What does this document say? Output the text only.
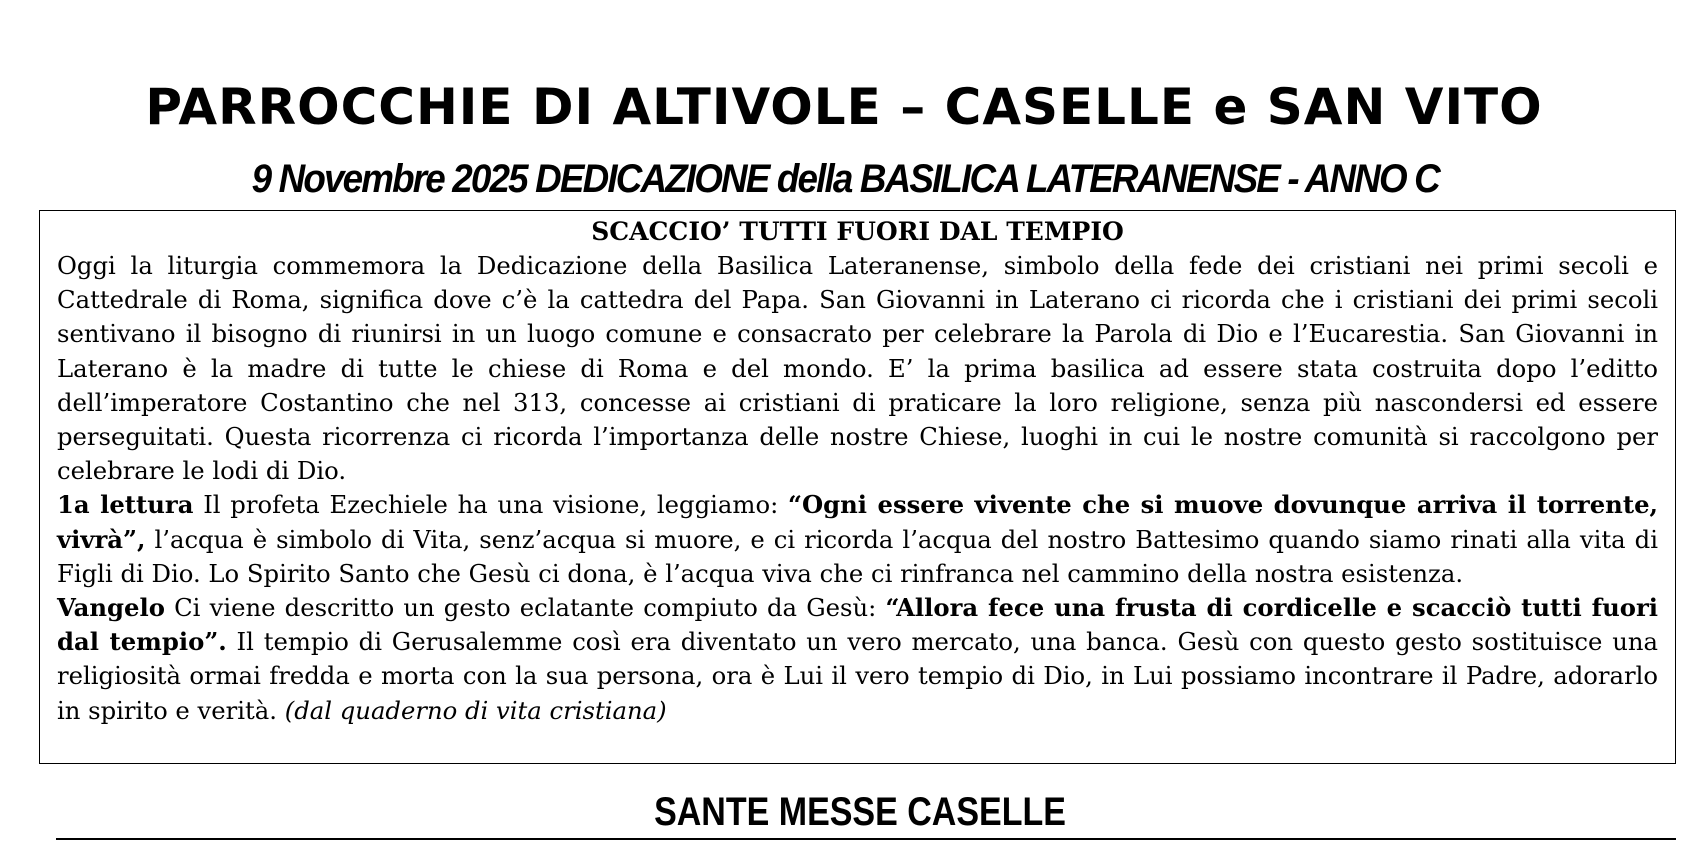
PARROCCHIE DI ALTIVOLE – CASELLE e SAN VITO
9 Novembre 2025 DEDICAZIONE della BASILICA LATERANENSE - ANNO C
SCACCIO’ TUTTI FUORI DAL TEMPIO

Oggi la liturgia commemora la Dedicazione della Basilica Lateranense, simbolo della fede dei cristiani nei primi secoli e Cattedrale di Roma, significa dove c’è la cattedra del Papa. San Giovanni in Laterano ci ricorda che i cristiani dei primi secoli sentivano il bisogno di riunirsi in un luogo comune e consacrato per celebrare la Parola di Dio e l’Eucarestia. San Giovanni in Laterano è la madre di tutte le chiese di Roma e del mondo. E’ la prima basilica ad essere stata costruita dopo l’editto dell’imperatore Costantino che nel 313, concesse ai cristiani di praticare la loro religione, senza più nascondersi ed essere perseguitati. Questa ricorrenza ci ricorda l’importanza delle nostre Chiese, luoghi in cui le nostre comunità si raccolgono per celebrare le lodi di Dio.

1a lettura Il profeta Ezechiele ha una visione, leggiamo: “Ogni essere vivente che si muove dovunque arriva il torrente, vivrà”, l’acqua è simbolo di Vita, senz’acqua si muore, e ci ricorda l’acqua del nostro Battesimo quando siamo rinati alla vita di Figli di Dio. Lo Spirito Santo che Gesù ci dona, è l’acqua viva che ci rinfranca nel cammino della nostra esistenza.

Vangelo Ci viene descritto un gesto eclatante compiuto da Gesù: “Allora fece una frusta di cordicelle e scacciò tutti fuori dal tempio”. Il tempio di Gerusalemme così era diventato un vero mercato, una banca. Gesù con questo gesto sostituisce una religiosità ormai fredda e morta con la sua persona, ora è Lui il vero tempio di Dio, in Lui possiamo incontrare il Padre, adorarlo in spirito e verità. (dal quaderno di vita cristiana)

SANTE MESSE CASELLE
